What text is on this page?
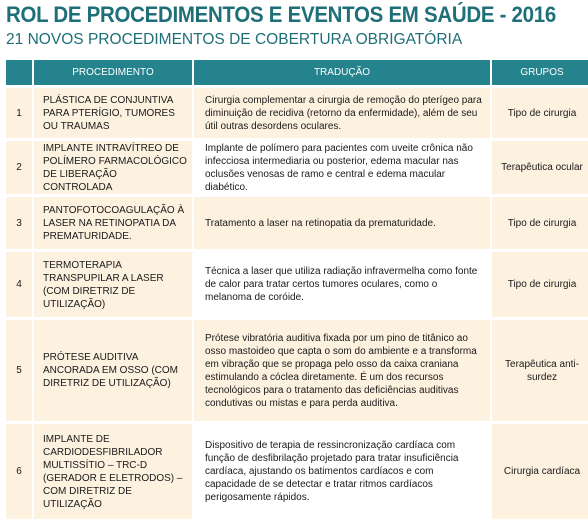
ROL DE PROCEDIMENTOS E EVENTOS EM SAÚDE - 2016
21 NOVOS PROCEDIMENTOS DE COBERTURA OBRIGATÓRIA
	PROCEDIMENTO	TRADUÇÃO	GRUPOS
1	PLÁSTICA DE CONJUNTIVA PARA PTERÍGIO, TUMORES OU TRAUMAS	Cirurgia complementar a cirurgia de remoção do pterígeo para diminuição de recidiva (retorno da enfermidade), além de seu útil outras desordens oculares.	Tipo de cirurgia
2	IMPLANTE INTRAVÍTREO DE POLÍMERO FARMACOLÓGICO DE LIBERAÇÃO CONTROLADA	Implante de polímero para pacientes com uveite crônica não infecciosa intermediaria ou posterior, edema macular nas oclusões venosas de ramo e central e edema macular diabético.	Terapêutica ocular
3	PANTOFOTOCOAGULAÇÃO À LASER NA RETINOPATIA DA PREMATURIDADE.	Tratamento a laser na retinopatia da prematuridade.	Tipo de cirurgia
4	TERMOTERAPIA TRANSPUPILAR A LASER (COM DIRETRIZ DE UTILIZAÇÃO)	Técnica a laser que utiliza radiação infravermelha como fonte de calor para tratar certos tumores oculares, como o melanoma de coróide.	Tipo de cirurgia
5	PRÓTESE AUDITIVA ANCORADA EM OSSO (COM DIRETRIZ DE UTILIZAÇÃO)	Prótese vibratória auditiva fixada por um pino de titânico ao osso mastoideo que capta o som do ambiente e a transforma em vibração que se propaga pelo osso da caixa craniana estimulando a cóclea diretamente. É um dos recursos tecnológicos para o tratamento das deficiências auditivas condutivas ou mistas e para perda auditiva.	Terapêutica anti-surdez
6	IMPLANTE DE CARDIODESFIBRILADOR MULTISSÍTIO – TRC-D (GERADOR E ELETRODOS) – COM DIRETRIZ DE UTILIZAÇÃO	Dispositivo de terapia de ressincronização cardíaca com função de desfibrilação projetado para tratar insuficiência cardíaca, ajustando os batimentos cardíacos e com capacidade de se detectar e tratar ritmos cardíacos perigosamente rápidos.	Cirurgia cardíaca
